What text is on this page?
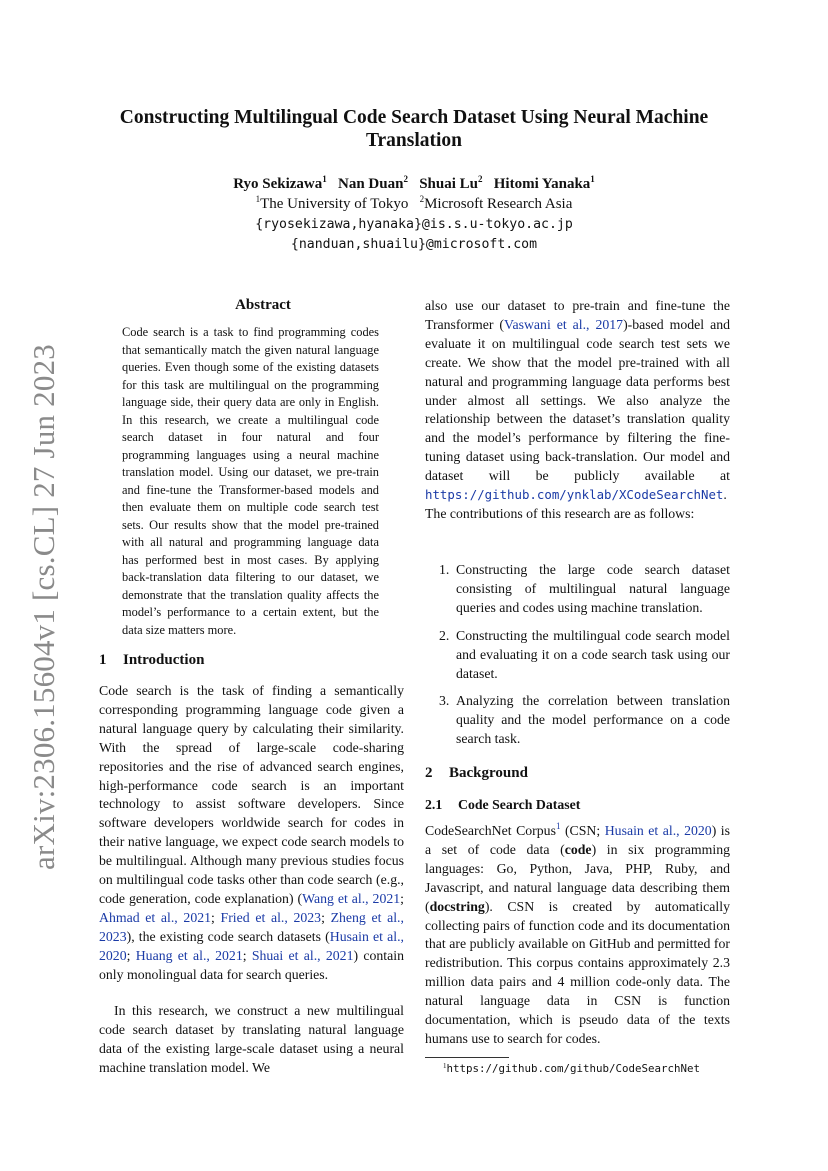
arXiv:2306.15604v1 [cs.CL] 27 Jun 2023
Constructing Multilingual Code Search Dataset Using Neural Machine Translation
Ryo Sekizawa$^1$ Nan Duan$^2$ Shuai Lu$^2$ Hitomi Yanaka$^1$
$^1$The University of Tokyo $^2$Microsoft Research Asia
{ryosekizawa,hyanaka}@is.s.u-tokyo.ac.jp
{nanduan,shuailu}@microsoft.com
Abstract

Code search is a task to find programming codes that semantically match the given natural language queries. Even though some of the existing datasets for this task are multilingual on the programming language side, their query data are only in English. In this research, we create a multilingual code search dataset in four natural and four programming languages using a neural machine translation model. Using our dataset, we pre-train and fine-tune the Transformer-based models and then evaluate them on multiple code search test sets. Our results show that the model pre-trained with all natural and programming language data has performed best in most cases. By applying back-translation data filtering to our dataset, we demonstrate that the translation quality affects the model’s performance to a certain extent, but the data size matters more.

1 Introduction

Code search is the task of finding a semantically corresponding programming language code given a natural language query by calculating their similarity. With the spread of large-scale code-sharing repositories and the rise of advanced search engines, high-performance code search is an important technology to assist software developers. Since software developers worldwide search for codes in their native language, we expect code search models to be multilingual. Although many previous studies focus on multilingual code tasks other than code search (e.g., code generation, code explanation) (Wang et al., 2021; Ahmad et al., 2021; Fried et al., 2023; Zheng et al., 2023), the existing code search datasets (Husain et al., 2020; Huang et al., 2021; Shuai et al., 2021) contain only monolingual data for search queries.

In this research, we construct a new multilingual code search dataset by translating natural language data of the existing large-scale dataset using a neural machine translation model. We

also use our dataset to pre-train and fine-tune the Transformer (Vaswani et al., 2017)-based model and evaluate it on multilingual code search test sets we create. We show that the model pre-trained with all natural and programming language data performs best under almost all settings. We also analyze the relationship between the dataset’s translation quality and the model’s performance by filtering the fine-tuning dataset using back-translation. Our model and dataset will be publicly available at https://github.com/ynklab/XCodeSearchNet. The contributions of this research are as follows:

1. Constructing the large code search dataset consisting of multilingual natural language queries and codes using machine translation.
2. Constructing the multilingual code search model and evaluating it on a code search task using our dataset.
3. Analyzing the correlation between translation quality and the model performance on a code search task.
2 Background
2.1 Code Search Dataset

CodeSearchNet Corpus$^1$ (CSN; Husain et al., 2020) is a set of code data (code) in six programming languages: Go, Python, Java, PHP, Ruby, and Javascript, and natural language data describing them (docstring). CSN is created by automatically collecting pairs of function code and its documentation that are publicly available on GitHub and permitted for redistribution. This corpus contains approximately 2.3 million data pairs and 4 million code-only data. The natural language data in CSN is function documentation, which is pseudo data of the texts humans use to search for codes.

$^1$https://github.com/github/CodeSearchNet
